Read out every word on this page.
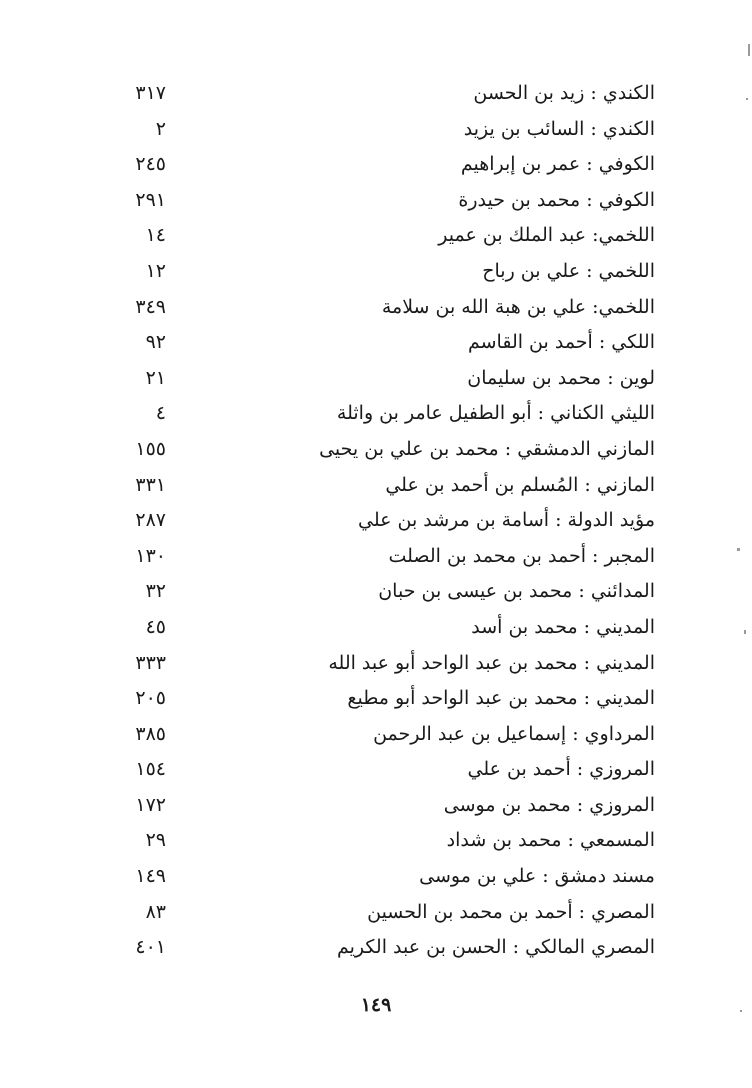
الكندي : زيد بن الحسن
٣١٧
الكندي : السائب بن يزيد
٢
الكوفي : عمر بن إبراهيم
٢٤٥
الكوفي : محمد بن حيدرة
٢٩١
اللخمي: عبد الملك بن عمير
١٤
اللخمي : علي بن رباح
١٢
اللخمي: علي بن هبة الله بن سلامة
٣٤٩
اللكي : أحمد بن القاسم
٩٢
لوين : محمد بن سليمان
٢١
الليثي الكناني : أبو الطفيل عامر بن واثلة
٤
المازني الدمشقي : محمد بن علي بن يحيى
١٥٥
المازني : المُسلم بن أحمد بن علي
٣٣١
مؤيد الدولة : أسامة بن مرشد بن علي
٢٨٧
المجبر : أحمد بن محمد بن الصلت
١٣٠
المدائني : محمد بن عيسى بن حبان
٣٢
المديني : محمد بن أسد
٤٥
المديني : محمد بن عبد الواحد أبو عبد الله
٣٣٣
المديني : محمد بن عبد الواحد أبو مطيع
٢٠٥
المرداوي : إسماعيل بن عبد الرحمن
٣٨٥
المروزي : أحمد بن علي
١٥٤
المروزي : محمد بن موسى
١٧٢
المسمعي : محمد بن شداد
٢٩
مسند دمشق : علي بن موسى
١٤٩
المصري : أحمد بن محمد بن الحسين
٨٣
المصري المالكي : الحسن بن عبد الكريم
٤٠١
١٤٩
